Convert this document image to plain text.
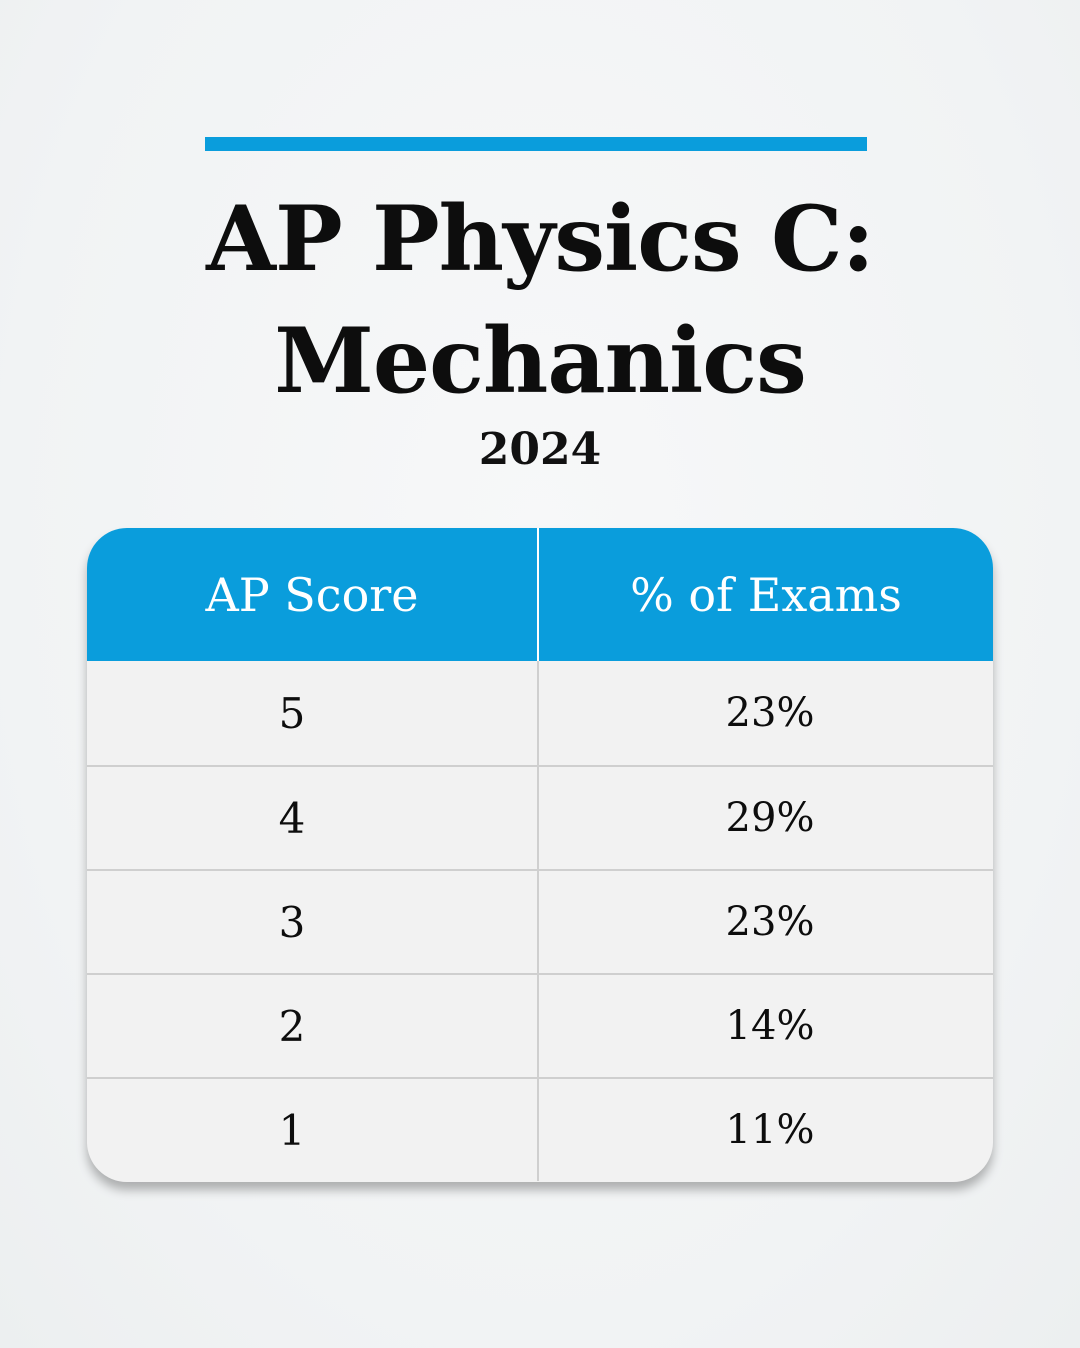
AP Physics C:
Mechanics
2024
AP Score	% of Exams
5	23%
4	29%
3	23%
2	14%
1	11%
